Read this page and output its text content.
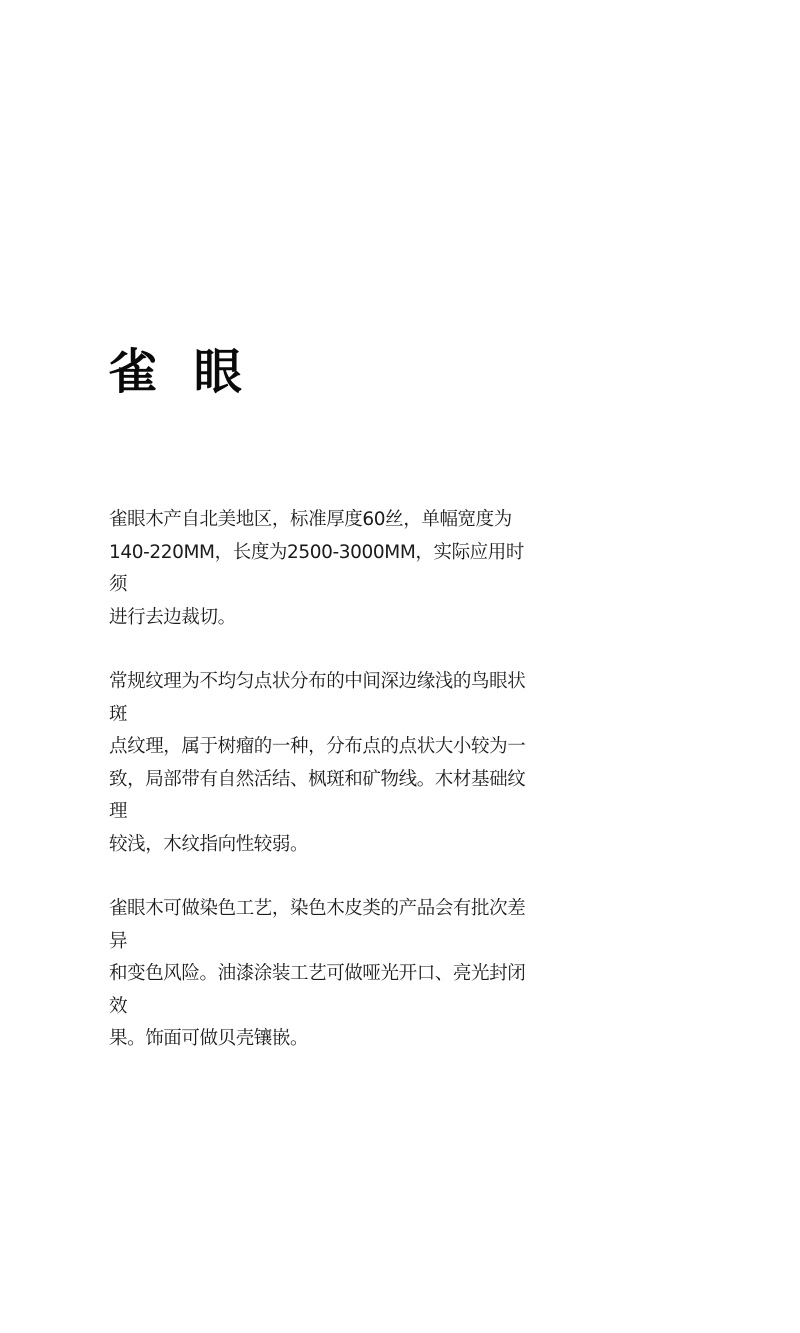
雀 眼

雀眼木产自北美地区，标准厚度60丝，单幅宽度为
140-220MM，长度为2500-3000MM，实际应用时须
进行去边裁切。

常规纹理为不均匀点状分布的中间深边缘浅的鸟眼状斑
点纹理，属于树瘤的一种，分布点的点状大小较为一
致，局部带有自然活结、枫斑和矿物线。木材基础纹理
较浅，木纹指向性较弱。

雀眼木可做染色工艺，染色木皮类的产品会有批次差异
和变色风险。油漆涂装工艺可做哑光开口、亮光封闭效
果。饰面可做贝壳镶嵌。
